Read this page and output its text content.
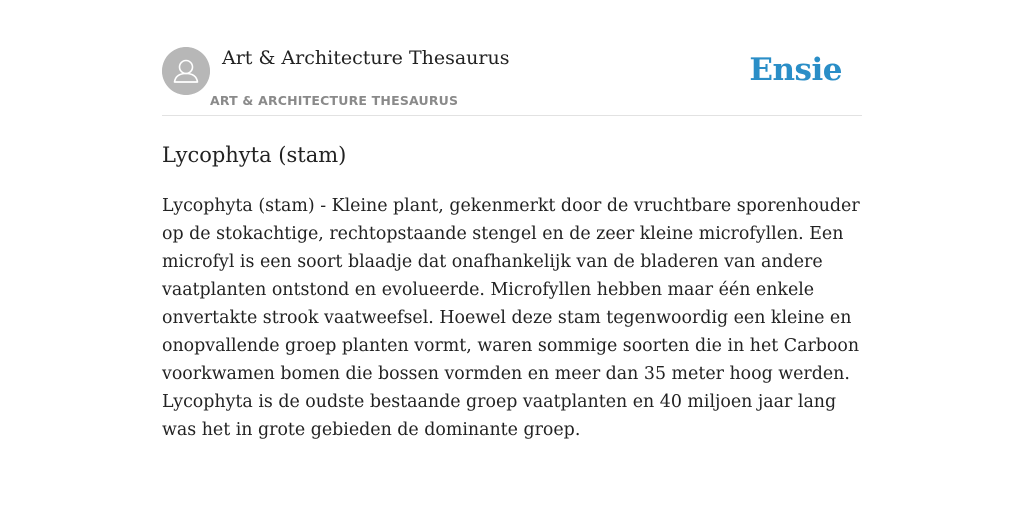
Art & Architecture Thesaurus
ART & ARCHITECTURE THESAURUS
Ensie
Lycophyta (stam)

Lycophyta (stam) - Kleine plant, gekenmerkt door de vruchtbare sporenhouder op de stokachtige, rechtopstaande stengel en de zeer kleine microfyllen. Een microfyl is een soort blaadje dat onafhankelijk van de bladeren van andere vaatplanten ontstond en evolueerde. Microfyllen hebben maar één enkele onvertakte strook vaatweefsel. Hoewel deze stam tegenwoordig een kleine en onopvallende groep planten vormt, waren sommige soorten die in het Carboon voorkwamen bomen die bossen vormden en meer dan 35 meter hoog werden. Lycophyta is de oudste bestaande groep vaatplanten en 40 miljoen jaar lang was het in grote gebieden de dominante groep.
